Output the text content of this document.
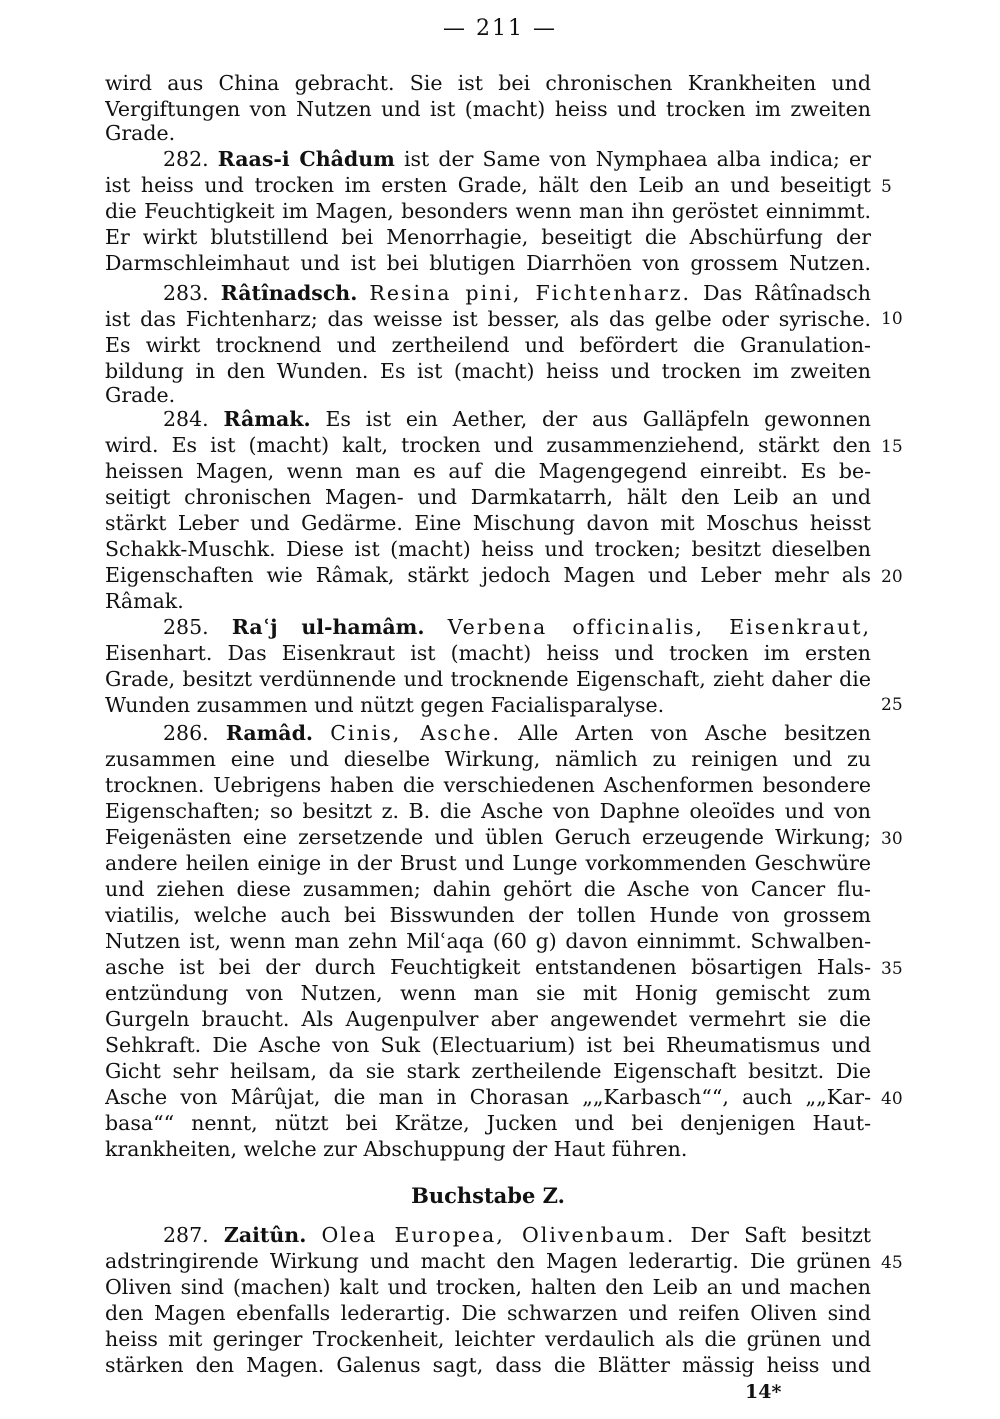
— 211 —
wird aus China gebracht. Sie ist bei chronischen Krankheiten und
Vergiftungen von Nutzen und ist (macht) heiss und trocken im zweiten
Grade.
282. Raas-i Châdum ist der Same von Nymphaea alba indica; er
ist heiss und trocken im ersten Grade, hält den Leib an und beseitigt
die Feuchtigkeit im Magen, besonders wenn man ihn geröstet einnimmt.
Er wirkt blutstillend bei Menorrhagie, beseitigt die Abschürfung der
Darmschleimhaut und ist bei blutigen Diarrhöen von grossem Nutzen.
283. Râtînadsch. Resina pini, Fichtenharz. Das Râtînadsch
ist das Fichtenharz; das weisse ist besser, als das gelbe oder syrische.
Es wirkt trocknend und zertheilend und befördert die Granulation-
bildung in den Wunden. Es ist (macht) heiss und trocken im zweiten
Grade.
284. Râmak. Es ist ein Aether, der aus Galläpfeln gewonnen
wird. Es ist (macht) kalt, trocken und zusammenziehend, stärkt den
heissen Magen, wenn man es auf die Magengegend einreibt. Es be-
seitigt chronischen Magen- und Darmkatarrh, hält den Leib an und
stärkt Leber und Gedärme. Eine Mischung davon mit Moschus heisst
Schakk-Muschk. Diese ist (macht) heiss und trocken; besitzt dieselben
Eigenschaften wie Râmak, stärkt jedoch Magen und Leber mehr als
Râmak.
285. Raʿj ul-hamâm. Verbena officinalis, Eisenkraut,
Eisenhart. Das Eisenkraut ist (macht) heiss und trocken im ersten
Grade, besitzt verdünnende und trocknende Eigenschaft, zieht daher die
Wunden zusammen und nützt gegen Facialisparalyse.
286. Ramâd. Cinis, Asche. Alle Arten von Asche besitzen
zusammen eine und dieselbe Wirkung, nämlich zu reinigen und zu
trocknen. Uebrigens haben die verschiedenen Aschenformen besondere
Eigenschaften; so besitzt z. B. die Asche von Daphne oleoïdes und von
Feigenästen eine zersetzende und üblen Geruch erzeugende Wirkung;
andere heilen einige in der Brust und Lunge vorkommenden Geschwüre
und ziehen diese zusammen; dahin gehört die Asche von Cancer flu-
viatilis, welche auch bei Bisswunden der tollen Hunde von grossem
Nutzen ist, wenn man zehn Milʿaqa (60 g) davon einnimmt. Schwalben-
asche ist bei der durch Feuchtigkeit entstandenen bösartigen Hals-
entzündung von Nutzen, wenn man sie mit Honig gemischt zum
Gurgeln braucht. Als Augenpulver aber angewendet vermehrt sie die
Sehkraft. Die Asche von Suk (Electuarium) ist bei Rheumatismus und
Gicht sehr heilsam, da sie stark zertheilende Eigenschaft besitzt. Die
Asche von Mârûjat, die man in Chorasan „„Karbasch““, auch „„Kar-
basa““ nennt, nützt bei Krätze, Jucken und bei denjenigen Haut-
krankheiten, welche zur Abschuppung der Haut führen.
Buchstabe Z.
287. Zaitûn. Olea Europea, Olivenbaum. Der Saft besitzt
adstringirende Wirkung und macht den Magen lederartig. Die grünen
Oliven sind (machen) kalt und trocken, halten den Leib an und machen
den Magen ebenfalls lederartig. Die schwarzen und reifen Oliven sind
heiss mit geringer Trockenheit, leichter verdaulich als die grünen und
stärken den Magen. Galenus sagt, dass die Blätter mässig heiss und
5
10
15
20
25
30
35
40
45
14*
